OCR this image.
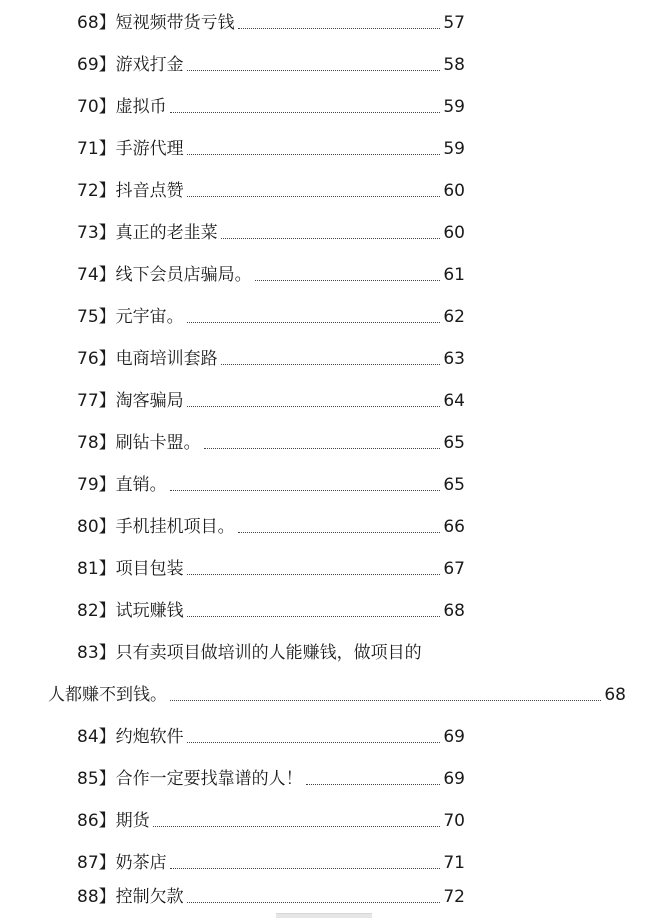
68】短视频带货亏钱	57
69】游戏打金	58
70】虚拟币	59
71】手游代理	59
72】抖音点赞	60
73】真正的老韭菜	60
74】线下会员店骗局。	61
75】元宇宙。	62
76】电商培训套路	63
77】淘客骗局	64
78】刷钻卡盟。	65
79】直销。	65
80】手机挂机项目。	66
81】项目包装	67
82】试玩赚钱	68
83】只有卖项目做培训的人能赚钱，做项目的
人都赚不到钱。	68
84】约炮软件	69
85】合作一定要找靠谱的人！	69
86】期货	70
87】奶茶店	71
88】控制欠款	72
